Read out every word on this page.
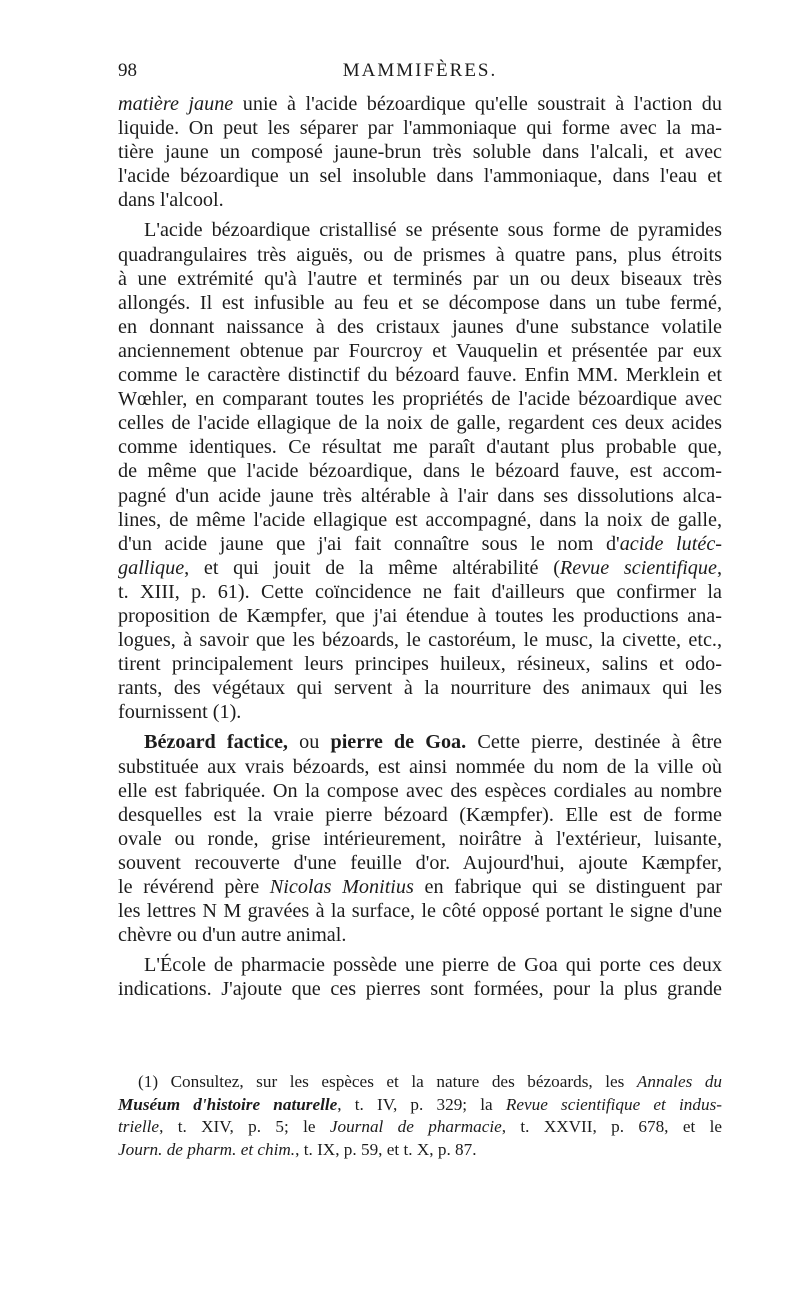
98	MAMMIFÈRES.

matière jaune unie à l'acide bézoardique qu'elle soustrait à l'action du
liquide. On peut les séparer par l'ammoniaque qui forme avec la ma-
tière jaune un composé jaune-brun très soluble dans l'alcali, et avec
l'acide bézoardique un sel insoluble dans l'ammoniaque, dans l'eau et
dans l'alcool.

L'acide bézoardique cristallisé se présente sous forme de pyramides
quadrangulaires très aiguës, ou de prismes à quatre pans, plus étroits
à une extrémité qu'à l'autre et terminés par un ou deux biseaux très
allongés. Il est infusible au feu et se décompose dans un tube fermé,
en donnant naissance à des cristaux jaunes d'une substance volatile
anciennement obtenue par Fourcroy et Vauquelin et présentée par eux
comme le caractère distinctif du bézoard fauve. Enfin MM. Merklein et
Wœhler, en comparant toutes les propriétés de l'acide bézoardique avec
celles de l'acide ellagique de la noix de galle, regardent ces deux acides
comme identiques. Ce résultat me paraît d'autant plus probable que,
de même que l'acide bézoardique, dans le bézoard fauve, est accom-
pagné d'un acide jaune très altérable à l'air dans ses dissolutions alca-
lines, de même l'acide ellagique est accompagné, dans la noix de galle,
d'un acide jaune que j'ai fait connaître sous le nom d'acide lutéc-
gallique, et qui jouit de la même altérabilité (Revue scientifique,
t. XIII, p. 61). Cette coïncidence ne fait d'ailleurs que confirmer la
proposition de Kæmpfer, que j'ai étendue à toutes les productions ana-
logues, à savoir que les bézoards, le castoréum, le musc, la civette, etc.,
tirent principalement leurs principes huileux, résineux, salins et odo-
rants, des végétaux qui servent à la nourriture des animaux qui les
fournissent (1).

Bézoard factice, ou pierre de Goa. Cette pierre, destinée à être
substituée aux vrais bézoards, est ainsi nommée du nom de la ville où
elle est fabriquée. On la compose avec des espèces cordiales au nombre
desquelles est la vraie pierre bézoard (Kæmpfer). Elle est de forme
ovale ou ronde, grise intérieurement, noirâtre à l'extérieur, luisante,
souvent recouverte d'une feuille d'or. Aujourd'hui, ajoute Kæmpfer,
le révérend père Nicolas Monitius en fabrique qui se distinguent par
les lettres N M gravées à la surface, le côté opposé portant le signe d'une
chèvre ou d'un autre animal.

L'École de pharmacie possède une pierre de Goa qui porte ces deux
indications. J'ajoute que ces pierres sont formées, pour la plus grande

(1) Consultez, sur les espèces et la nature des bézoards, les Annales du
Muséum d'histoire naturelle, t. IV, p. 329; la Revue scientifique et indus-
trielle, t. XIV, p. 5; le Journal de pharmacie, t. XXVII, p. 678, et le
Journ. de pharm. et chim., t. IX, p. 59, et t. X, p. 87.
